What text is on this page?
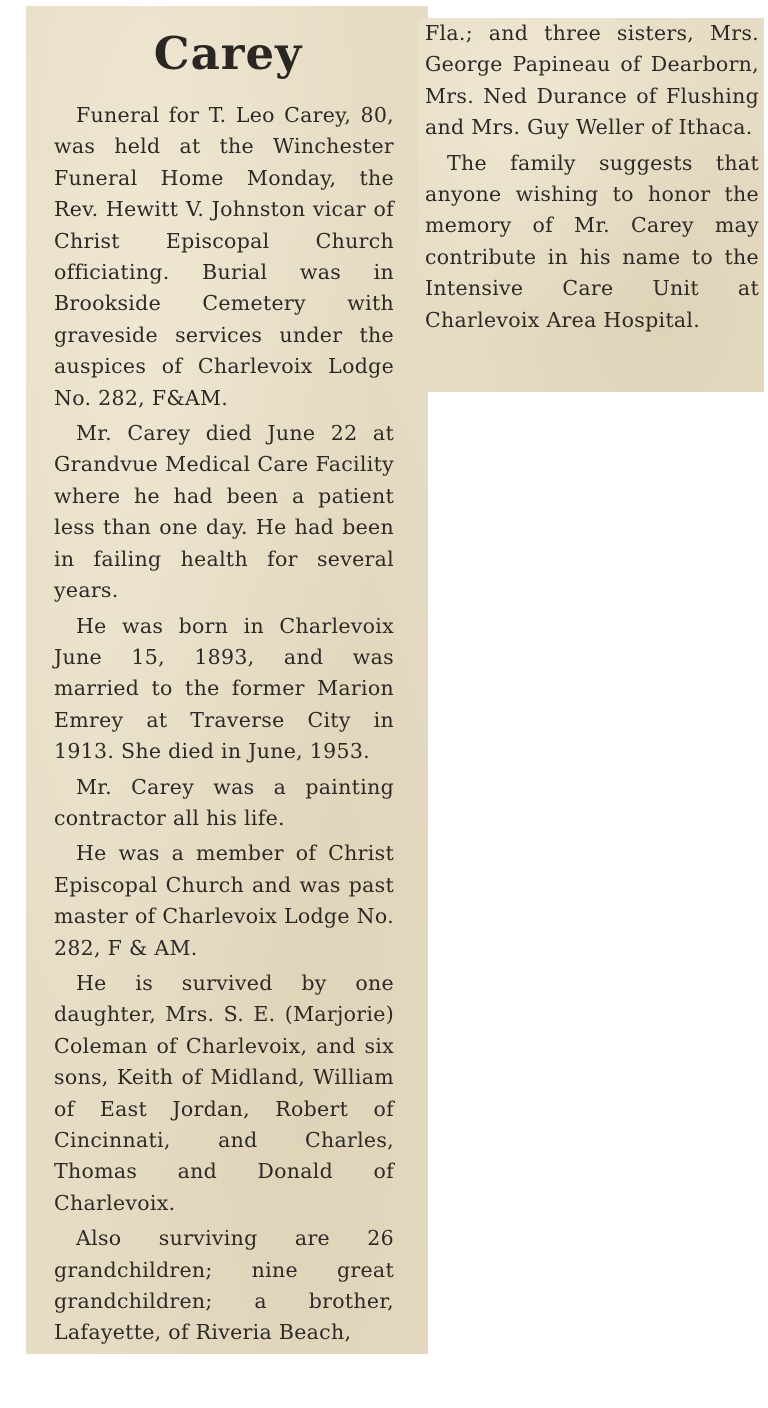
Carey

Funeral for T. Leo Carey, 80, was held at the Winchester Funeral Home Monday, the Rev. Hewitt V. Johnston vicar of Christ Episcopal Church officiating. Burial was in Brookside Cemetery with graveside services under the auspices of Charlevoix Lodge No. 282, F&AM.

Mr. Carey died June 22 at Grandvue Medical Care Facility where he had been a patient less than one day. He had been in failing health for several years.

He was born in Charlevoix June 15, 1893, and was married to the former Marion Emrey at Traverse City in 1913. She died in June, 1953.

Mr. Carey was a painting contractor all his life.

He was a member of Christ Episcopal Church and was past master of Charlevoix Lodge No. 282, F & AM.

He is survived by one daughter, Mrs. S. E. (Marjorie) Coleman of Charlevoix, and six sons, Keith of Midland, William of East Jordan, Robert of Cincinnati, and Charles, Thomas and Donald of Charlevoix.

Also surviving are 26 grandchildren; nine great grandchildren; a brother, Lafayette, of Riveria Beach,

Fla.; and three sisters, Mrs. George Papineau of Dearborn, Mrs. Ned Durance of Flushing and Mrs. Guy Weller of Ithaca.

The family suggests that anyone wishing to honor the memory of Mr. Carey may contribute in his name to the Intensive Care Unit at Charlevoix Area Hospital.
